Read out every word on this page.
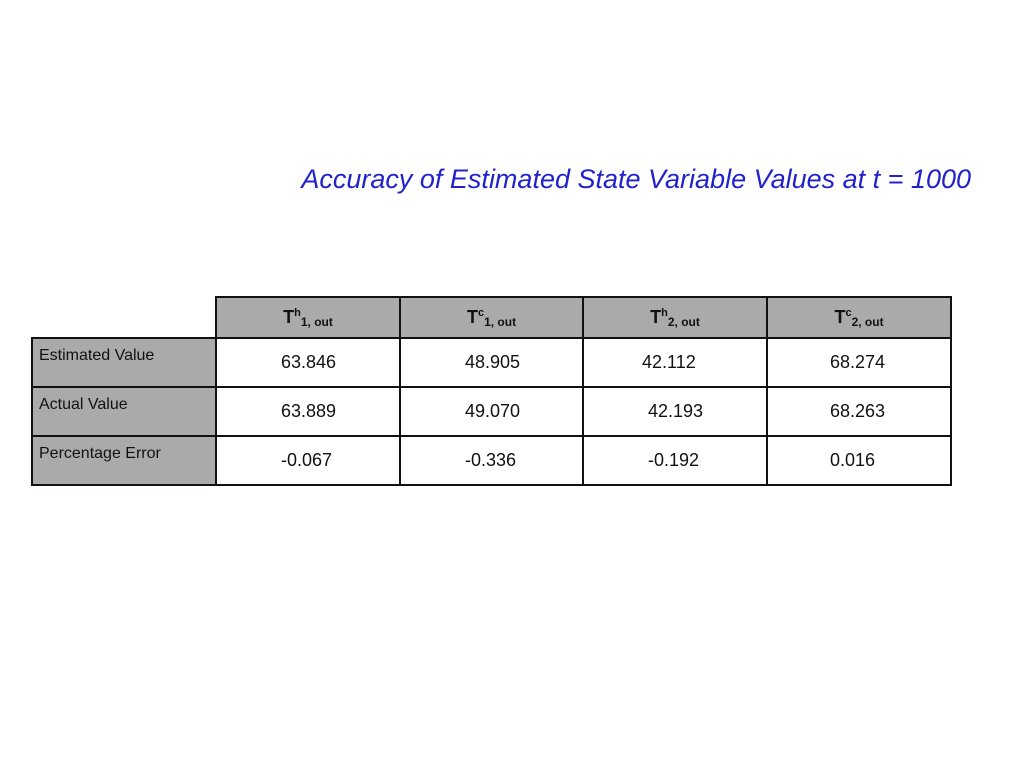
Accuracy of Estimated State Variable Values at t = 1000
	$T^h_{1, out}$	$T^c_{1, out}$	$T^h_{2, out}$	$T^c_{2, out}$
Estimated Value	63.846	48.905	42.112	68.274
Actual Value	63.889	49.070	42.193	68.263
Percentage Error	-0.067	-0.336	-0.192	0.016
